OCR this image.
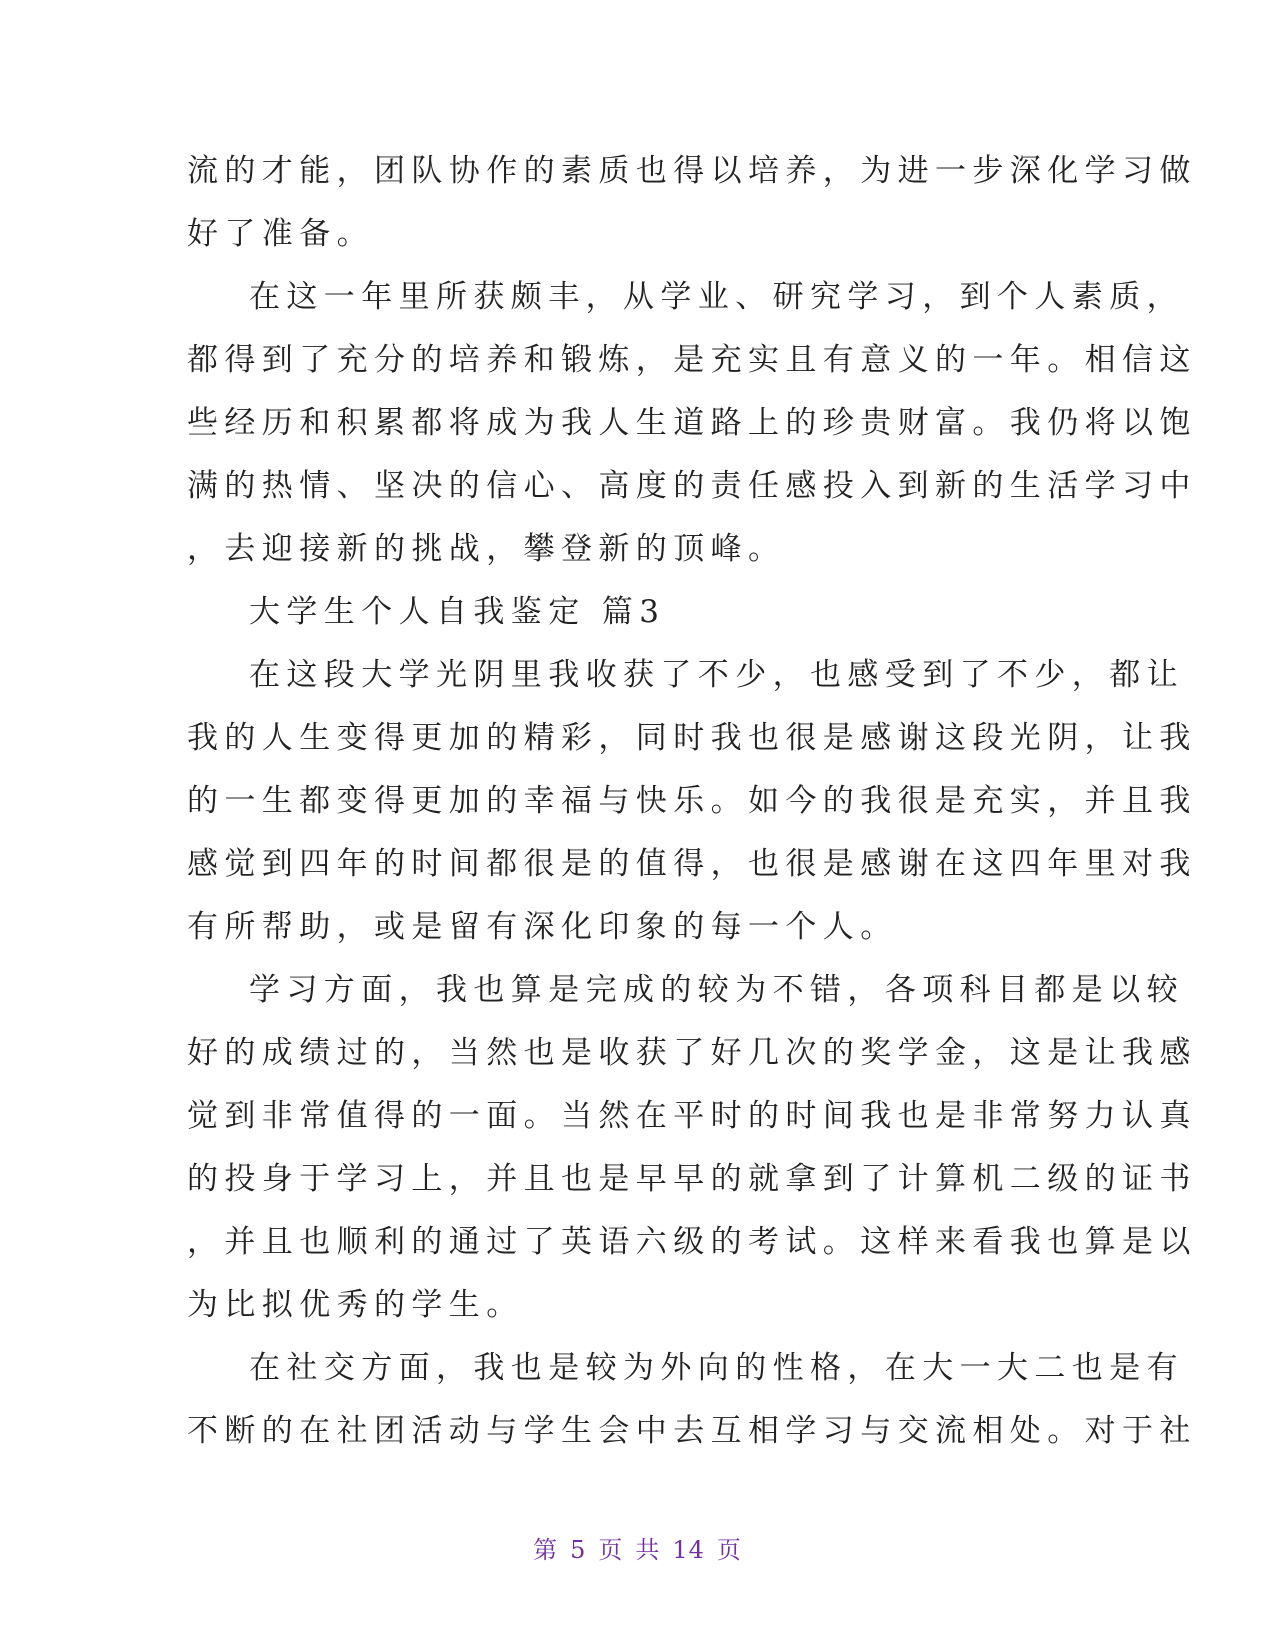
流的才能，团队协作的素质也得以培养，为进一步深化学习做
好了准备。
在这一年里所获颇丰，从学业、研究学习，到个人素质，
都得到了充分的培养和锻炼，是充实且有意义的一年。相信这
些经历和积累都将成为我人生道路上的珍贵财富。我仍将以饱
满的热情、坚决的信心、高度的责任感投入到新的生活学习中
，去迎接新的挑战，攀登新的顶峰。
大学生个人自我鉴定 篇3
在这段大学光阴里我收获了不少，也感受到了不少，都让
我的人生变得更加的精彩，同时我也很是感谢这段光阴，让我
的一生都变得更加的幸福与快乐。如今的我很是充实，并且我
感觉到四年的时间都很是的值得，也很是感谢在这四年里对我
有所帮助，或是留有深化印象的每一个人。
学习方面，我也算是完成的较为不错，各项科目都是以较
好的成绩过的，当然也是收获了好几次的奖学金，这是让我感
觉到非常值得的一面。当然在平时的时间我也是非常努力认真
的投身于学习上，并且也是早早的就拿到了计算机二级的证书
，并且也顺利的通过了英语六级的考试。这样来看我也算是以
为比拟优秀的学生。
在社交方面，我也是较为外向的性格，在大一大二也是有
不断的在社团活动与学生会中去互相学习与交流相处。对于社
第 5 页 共 14 页
